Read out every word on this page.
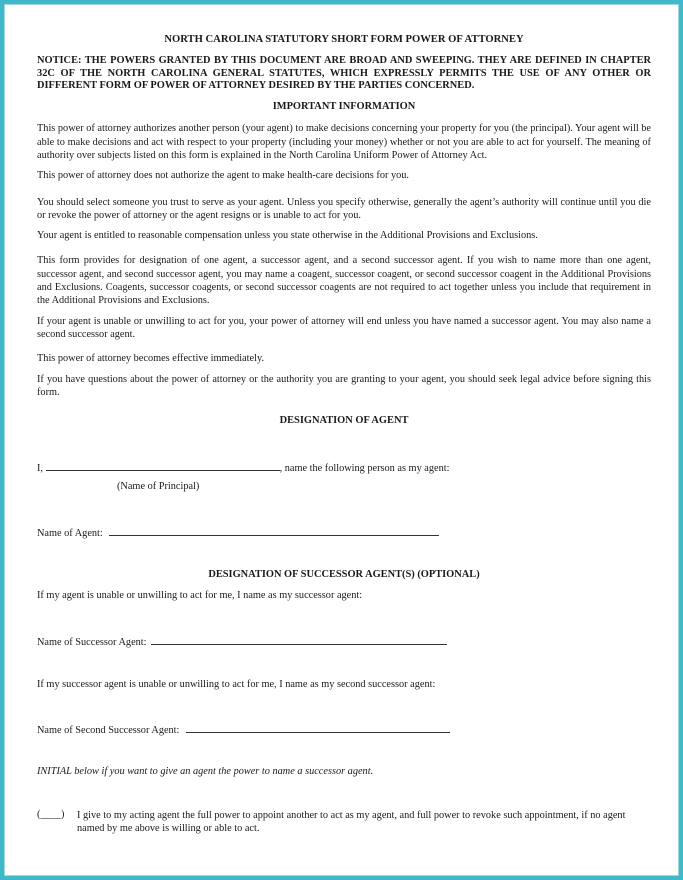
NORTH CAROLINA STATUTORY SHORT FORM POWER OF ATTORNEY
NOTICE: THE POWERS GRANTED BY THIS DOCUMENT ARE BROAD AND SWEEPING. THEY ARE DEFINED IN CHAPTER 32C OF THE NORTH CAROLINA GENERAL STATUTES, WHICH EXPRESSLY PERMITS THE USE OF ANY OTHER OR DIFFERENT FORM OF POWER OF ATTORNEY DESIRED BY THE PARTIES CONCERNED.
IMPORTANT INFORMATION

This power of attorney authorizes another person (your agent) to make decisions concerning your property for you (the principal). Your agent will be able to make decisions and act with respect to your property (including your money) whether or not you are able to act for yourself. The meaning of authority over subjects listed on this form is explained in the North Carolina Uniform Power of Attorney Act.

This power of attorney does not authorize the agent to make health-care decisions for you.

You should select someone you trust to serve as your agent. Unless you specify otherwise, generally the agent’s authority will continue until you die or revoke the power of attorney or the agent resigns or is unable to act for you.

Your agent is entitled to reasonable compensation unless you state otherwise in the Additional Provisions and Exclusions.

This form provides for designation of one agent, a successor agent, and a second successor agent. If you wish to name more than one agent, successor agent, and second successor agent, you may name a coagent, successor coagent, or second successor coagent in the Additional Provisions and Exclusions. Coagents, successor coagents, or second successor coagents are not required to act together unless you include that requirement in the Additional Provisions and Exclusions.

If your agent is unable or unwilling to act for you, your power of attorney will end unless you have named a successor agent. You may also name a second successor agent.

This power of attorney becomes effective immediately.

If you have questions about the power of attorney or the authority you are granting to your agent, you should seek legal advice before signing this form.

DESIGNATION OF AGENT
I,	, name the following person as my agent:
(Name of Principal)
Name of Agent:
DESIGNATION OF SUCCESSOR AGENT(S) (OPTIONAL)
If my agent is unable or unwilling to act for me, I name as my successor agent:
Name of Successor Agent:
If my successor agent is unable or unwilling to act for me, I name as my second successor agent:
Name of Second Successor Agent:
INITIAL below if you want to give an agent the power to name a successor agent.
(____) I give to my acting agent the full power to appoint another to act as my agent, and full power to revoke such appointment, if no agent named by me above is willing or able to act.
